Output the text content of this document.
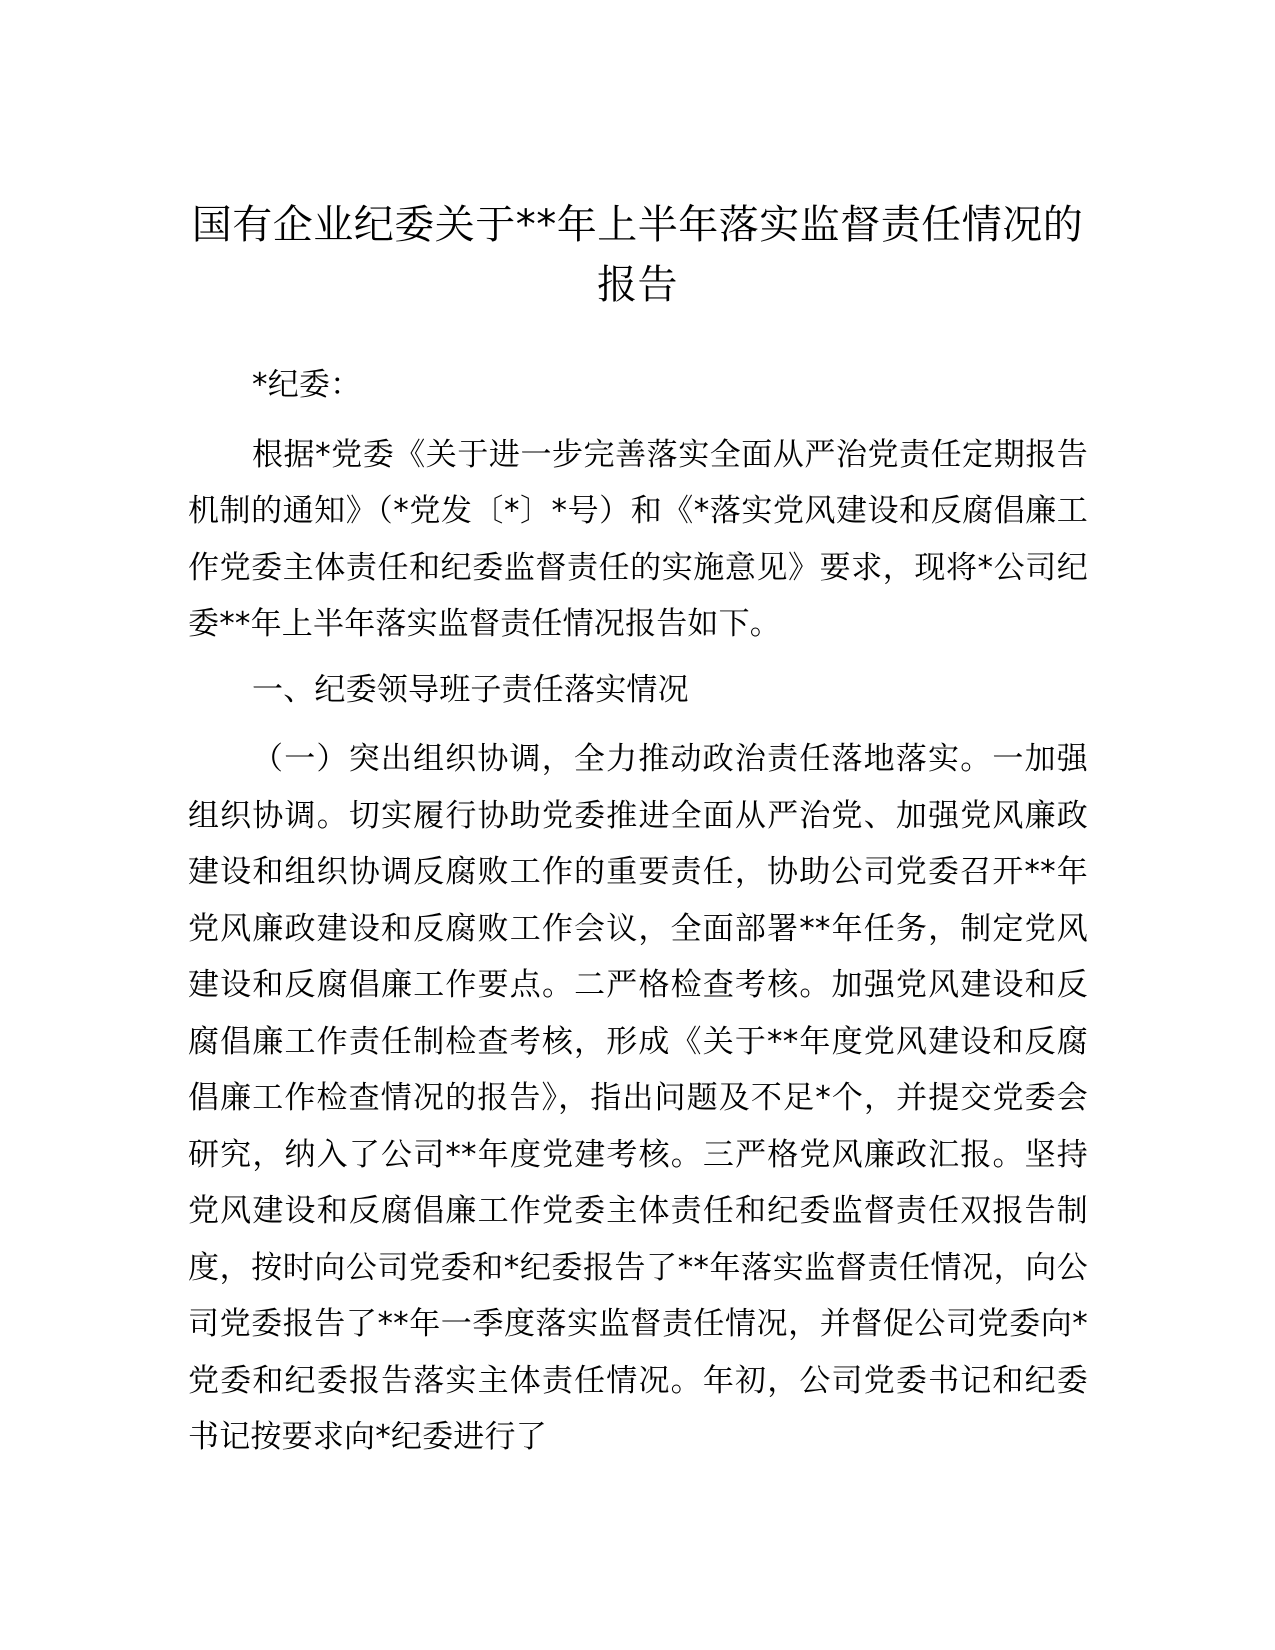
国有企业纪委关于**年上半年落实监督责任情况的报告

*纪委：

根据*党委《关于进一步完善落实全面从严治党责任定期报告机制的通知》（*党发〔*〕*号）和《*落实党风建设和反腐倡廉工作党委主体责任和纪委监督责任的实施意见》要求，现将*公司纪委**年上半年落实监督责任情况报告如下。

一、纪委领导班子责任落实情况

（一）突出组织协调，全力推动政治责任落地落实。一加强组织协调。切实履行协助党委推进全面从严治党、加强党风廉政建设和组织协调反腐败工作的重要责任，协助公司党委召开**年党风廉政建设和反腐败工作会议，全面部署**年任务，制定党风建设和反腐倡廉工作要点。二严格检查考核。加强党风建设和反腐倡廉工作责任制检查考核，形成《关于**年度党风建设和反腐倡廉工作检查情况的报告》，指出问题及不足*个，并提交党委会研究，纳入了公司**年度党建考核。三严格党风廉政汇报。坚持党风建设和反腐倡廉工作党委主体责任和纪委监督责任双报告制度，按时向公司党委和*纪委报告了**年落实监督责任情况，向公司党委报告了**年一季度落实监督责任情况，并督促公司党委向*党委和纪委报告落实主体责任情况。年初，公司党委书记和纪委书记按要求向*纪委进行了
